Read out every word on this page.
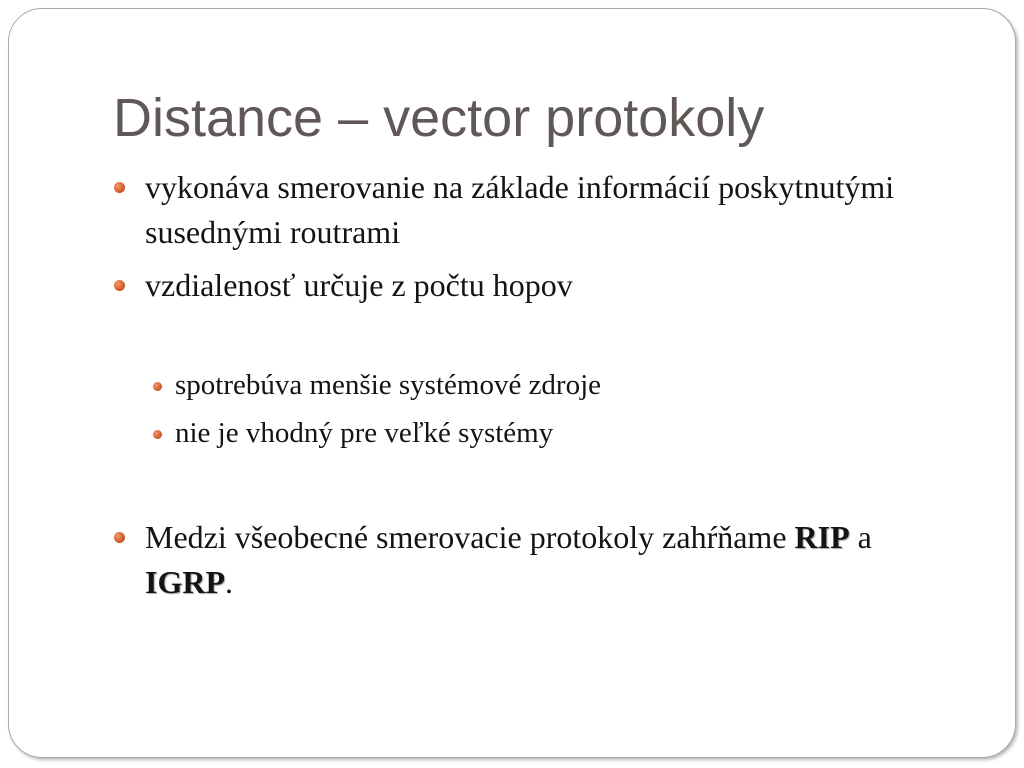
Distance – vector protokoly
vykonáva smerovanie na základe informácií poskytnutými susednými routrami
vzdialenosť určuje z počtu hopov
spotrebúva menšie systémové zdroje
nie je vhodný pre veľké systémy
Medzi všeobecné smerovacie protokoly zahŕňame RIP a IGRP.
